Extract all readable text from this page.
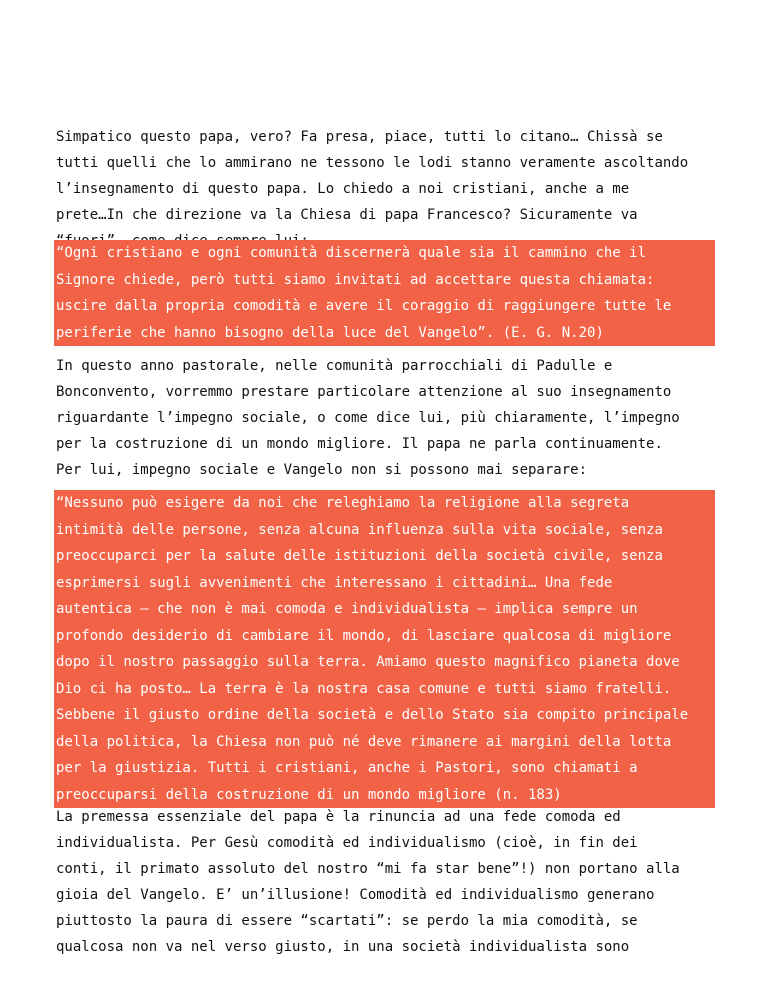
Simpatico questo papa, vero? Fa presa, piace, tutti lo citano… Chissà se
tutti quelli che lo ammirano ne tessono le lodi stanno veramente ascoltando
l’insegnamento di questo papa. Lo chiedo a noi cristiani, anche a me
prete…In che direzione va la Chiesa di papa Francesco? Sicuramente va
“Ogni cristiano e ogni comunità discernerà quale sia il cammino che il
Signore chiede, però tutti siamo invitati ad accettare questa chiamata:
uscire dalla propria comodità e avere il coraggio di raggiungere tutte le
periferie che hanno bisogno della luce del Vangelo”. (E. G. N.20)
In questo anno pastorale, nelle comunità parrocchiali di Padulle e
Bonconvento, vorremmo prestare particolare attenzione al suo insegnamento
riguardante l’impegno sociale, o come dice lui, più chiaramente, l’impegno
per la costruzione di un mondo migliore. Il papa ne parla continuamente.
Per lui, impegno sociale e Vangelo non si possono mai separare:
“Nessuno può esigere da noi che releghiamo la religione alla segreta
intimità delle persone, senza alcuna influenza sulla vita sociale, senza
preoccuparci per la salute delle istituzioni della società civile, senza
esprimersi sugli avvenimenti che interessano i cittadini… Una fede
autentica – che non è mai comoda e individualista – implica sempre un
profondo desiderio di cambiare il mondo, di lasciare qualcosa di migliore
dopo il nostro passaggio sulla terra. Amiamo questo magnifico pianeta dove
Dio ci ha posto… La terra è la nostra casa comune e tutti siamo fratelli.
Sebbene il giusto ordine della società e dello Stato sia compito principale
della politica, la Chiesa non può né deve rimanere ai margini della lotta
per la giustizia. Tutti i cristiani, anche i Pastori, sono chiamati a
preoccuparsi della costruzione di un mondo migliore (n. 183)
La premessa essenziale del papa è la rinuncia ad una fede comoda ed
individualista. Per Gesù comodità ed individualismo (cioè, in fin dei
conti, il primato assoluto del nostro “mi fa star bene”!) non portano alla
gioia del Vangelo. E’ un’illusione! Comodità ed individualismo generano
piuttosto la paura di essere “scartati”: se perdo la mia comodità, se
qualcosa non va nel verso giusto, in una società individualista sono
